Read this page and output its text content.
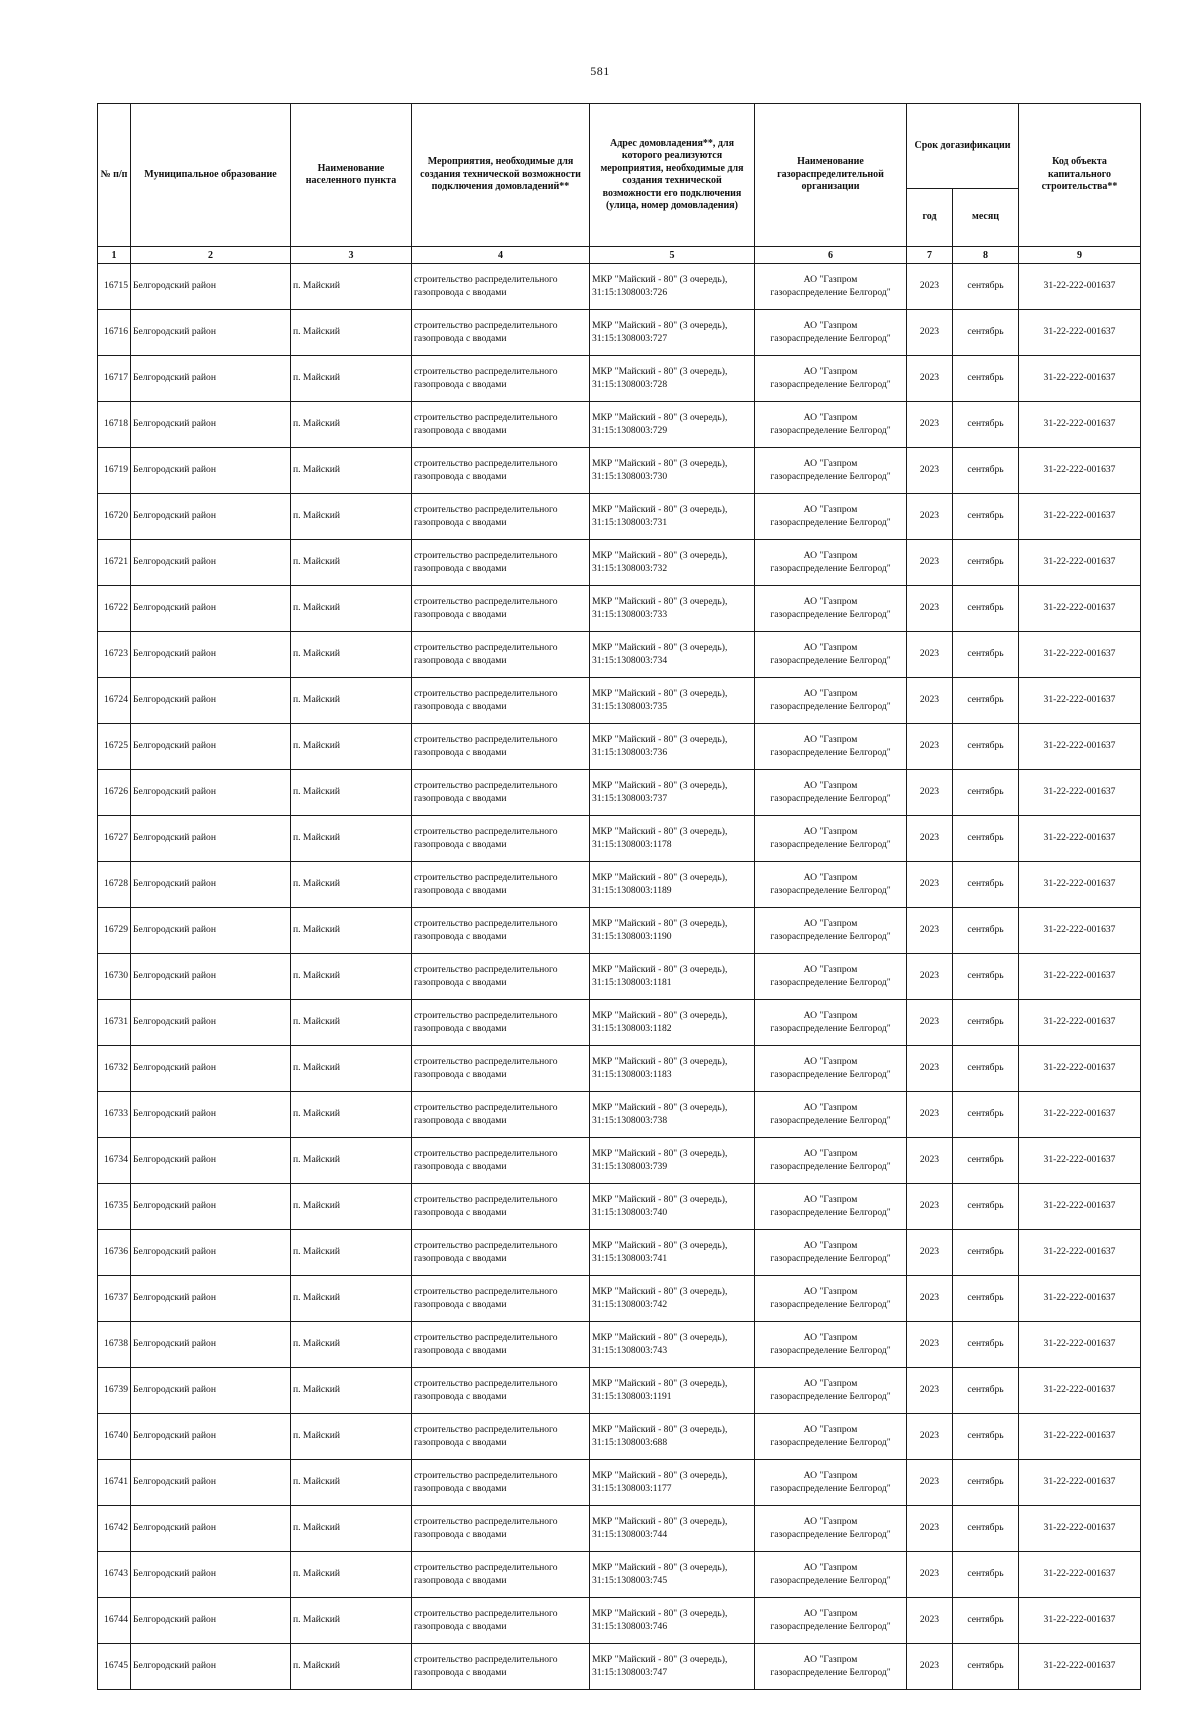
581
№ п/п	Муниципальное образование	Наименование населенного пункта	Мероприятия, необходимые для создания технической возможности подключения домовладений**	Адрес домовладения**, для которого реализуются мероприятия, необходимые для создания технической возможности его подключения (улица, номер домовладения)	Наименование газораспределительной организации	Срок догазификации		Код объекта капитального строительства**
						год	месяц	
1	2	3	4	5	6	7	8	9
16715	Белгородский район	п. Майский	строительство распределительного
газопровода с вводами	МКР "Майский - 80" (3 очередь),
31:15:1308003:726	АО "Газпром
газораспределение Белгород"	2023	сентябрь	31-22-222-001637
16716	Белгородский район	п. Майский	строительство распределительного
газопровода с вводами	МКР "Майский - 80" (3 очередь),
31:15:1308003:727	АО "Газпром
газораспределение Белгород"	2023	сентябрь	31-22-222-001637
16717	Белгородский район	п. Майский	строительство распределительного
газопровода с вводами	МКР "Майский - 80" (3 очередь),
31:15:1308003:728	АО "Газпром
газораспределение Белгород"	2023	сентябрь	31-22-222-001637
16718	Белгородский район	п. Майский	строительство распределительного
газопровода с вводами	МКР "Майский - 80" (3 очередь),
31:15:1308003:729	АО "Газпром
газораспределение Белгород"	2023	сентябрь	31-22-222-001637
16719	Белгородский район	п. Майский	строительство распределительного
газопровода с вводами	МКР "Майский - 80" (3 очередь),
31:15:1308003:730	АО "Газпром
газораспределение Белгород"	2023	сентябрь	31-22-222-001637
16720	Белгородский район	п. Майский	строительство распределительного
газопровода с вводами	МКР "Майский - 80" (3 очередь),
31:15:1308003:731	АО "Газпром
газораспределение Белгород"	2023	сентябрь	31-22-222-001637
16721	Белгородский район	п. Майский	строительство распределительного
газопровода с вводами	МКР "Майский - 80" (3 очередь),
31:15:1308003:732	АО "Газпром
газораспределение Белгород"	2023	сентябрь	31-22-222-001637
16722	Белгородский район	п. Майский	строительство распределительного
газопровода с вводами	МКР "Майский - 80" (3 очередь),
31:15:1308003:733	АО "Газпром
газораспределение Белгород"	2023	сентябрь	31-22-222-001637
16723	Белгородский район	п. Майский	строительство распределительного
газопровода с вводами	МКР "Майский - 80" (3 очередь),
31:15:1308003:734	АО "Газпром
газораспределение Белгород"	2023	сентябрь	31-22-222-001637
16724	Белгородский район	п. Майский	строительство распределительного
газопровода с вводами	МКР "Майский - 80" (3 очередь),
31:15:1308003:735	АО "Газпром
газораспределение Белгород"	2023	сентябрь	31-22-222-001637
16725	Белгородский район	п. Майский	строительство распределительного
газопровода с вводами	МКР "Майский - 80" (3 очередь),
31:15:1308003:736	АО "Газпром
газораспределение Белгород"	2023	сентябрь	31-22-222-001637
16726	Белгородский район	п. Майский	строительство распределительного
газопровода с вводами	МКР "Майский - 80" (3 очередь),
31:15:1308003:737	АО "Газпром
газораспределение Белгород"	2023	сентябрь	31-22-222-001637
16727	Белгородский район	п. Майский	строительство распределительного
газопровода с вводами	МКР "Майский - 80" (3 очередь),
31:15:1308003:1178	АО "Газпром
газораспределение Белгород"	2023	сентябрь	31-22-222-001637
16728	Белгородский район	п. Майский	строительство распределительного
газопровода с вводами	МКР "Майский - 80" (3 очередь),
31:15:1308003:1189	АО "Газпром
газораспределение Белгород"	2023	сентябрь	31-22-222-001637
16729	Белгородский район	п. Майский	строительство распределительного
газопровода с вводами	МКР "Майский - 80" (3 очередь),
31:15:1308003:1190	АО "Газпром
газораспределение Белгород"	2023	сентябрь	31-22-222-001637
16730	Белгородский район	п. Майский	строительство распределительного
газопровода с вводами	МКР "Майский - 80" (3 очередь),
31:15:1308003:1181	АО "Газпром
газораспределение Белгород"	2023	сентябрь	31-22-222-001637
16731	Белгородский район	п. Майский	строительство распределительного
газопровода с вводами	МКР "Майский - 80" (3 очередь),
31:15:1308003:1182	АО "Газпром
газораспределение Белгород"	2023	сентябрь	31-22-222-001637
16732	Белгородский район	п. Майский	строительство распределительного
газопровода с вводами	МКР "Майский - 80" (3 очередь),
31:15:1308003:1183	АО "Газпром
газораспределение Белгород"	2023	сентябрь	31-22-222-001637
16733	Белгородский район	п. Майский	строительство распределительного
газопровода с вводами	МКР "Майский - 80" (3 очередь),
31:15:1308003:738	АО "Газпром
газораспределение Белгород"	2023	сентябрь	31-22-222-001637
16734	Белгородский район	п. Майский	строительство распределительного
газопровода с вводами	МКР "Майский - 80" (3 очередь),
31:15:1308003:739	АО "Газпром
газораспределение Белгород"	2023	сентябрь	31-22-222-001637
16735	Белгородский район	п. Майский	строительство распределительного
газопровода с вводами	МКР "Майский - 80" (3 очередь),
31:15:1308003:740	АО "Газпром
газораспределение Белгород"	2023	сентябрь	31-22-222-001637
16736	Белгородский район	п. Майский	строительство распределительного
газопровода с вводами	МКР "Майский - 80" (3 очередь),
31:15:1308003:741	АО "Газпром
газораспределение Белгород"	2023	сентябрь	31-22-222-001637
16737	Белгородский район	п. Майский	строительство распределительного
газопровода с вводами	МКР "Майский - 80" (3 очередь),
31:15:1308003:742	АО "Газпром
газораспределение Белгород"	2023	сентябрь	31-22-222-001637
16738	Белгородский район	п. Майский	строительство распределительного
газопровода с вводами	МКР "Майский - 80" (3 очередь),
31:15:1308003:743	АО "Газпром
газораспределение Белгород"	2023	сентябрь	31-22-222-001637
16739	Белгородский район	п. Майский	строительство распределительного
газопровода с вводами	МКР "Майский - 80" (3 очередь),
31:15:1308003:1191	АО "Газпром
газораспределение Белгород"	2023	сентябрь	31-22-222-001637
16740	Белгородский район	п. Майский	строительство распределительного
газопровода с вводами	МКР "Майский - 80" (3 очередь),
31:15:1308003:688	АО "Газпром
газораспределение Белгород"	2023	сентябрь	31-22-222-001637
16741	Белгородский район	п. Майский	строительство распределительного
газопровода с вводами	МКР "Майский - 80" (3 очередь),
31:15:1308003:1177	АО "Газпром
газораспределение Белгород"	2023	сентябрь	31-22-222-001637
16742	Белгородский район	п. Майский	строительство распределительного
газопровода с вводами	МКР "Майский - 80" (3 очередь),
31:15:1308003:744	АО "Газпром
газораспределение Белгород"	2023	сентябрь	31-22-222-001637
16743	Белгородский район	п. Майский	строительство распределительного
газопровода с вводами	МКР "Майский - 80" (3 очередь),
31:15:1308003:745	АО "Газпром
газораспределение Белгород"	2023	сентябрь	31-22-222-001637
16744	Белгородский район	п. Майский	строительство распределительного
газопровода с вводами	МКР "Майский - 80" (3 очередь),
31:15:1308003:746	АО "Газпром
газораспределение Белгород"	2023	сентябрь	31-22-222-001637
16745	Белгородский район	п. Майский	строительство распределительного
газопровода с вводами	МКР "Майский - 80" (3 очередь),
31:15:1308003:747	АО "Газпром
газораспределение Белгород"	2023	сентябрь	31-22-222-001637
